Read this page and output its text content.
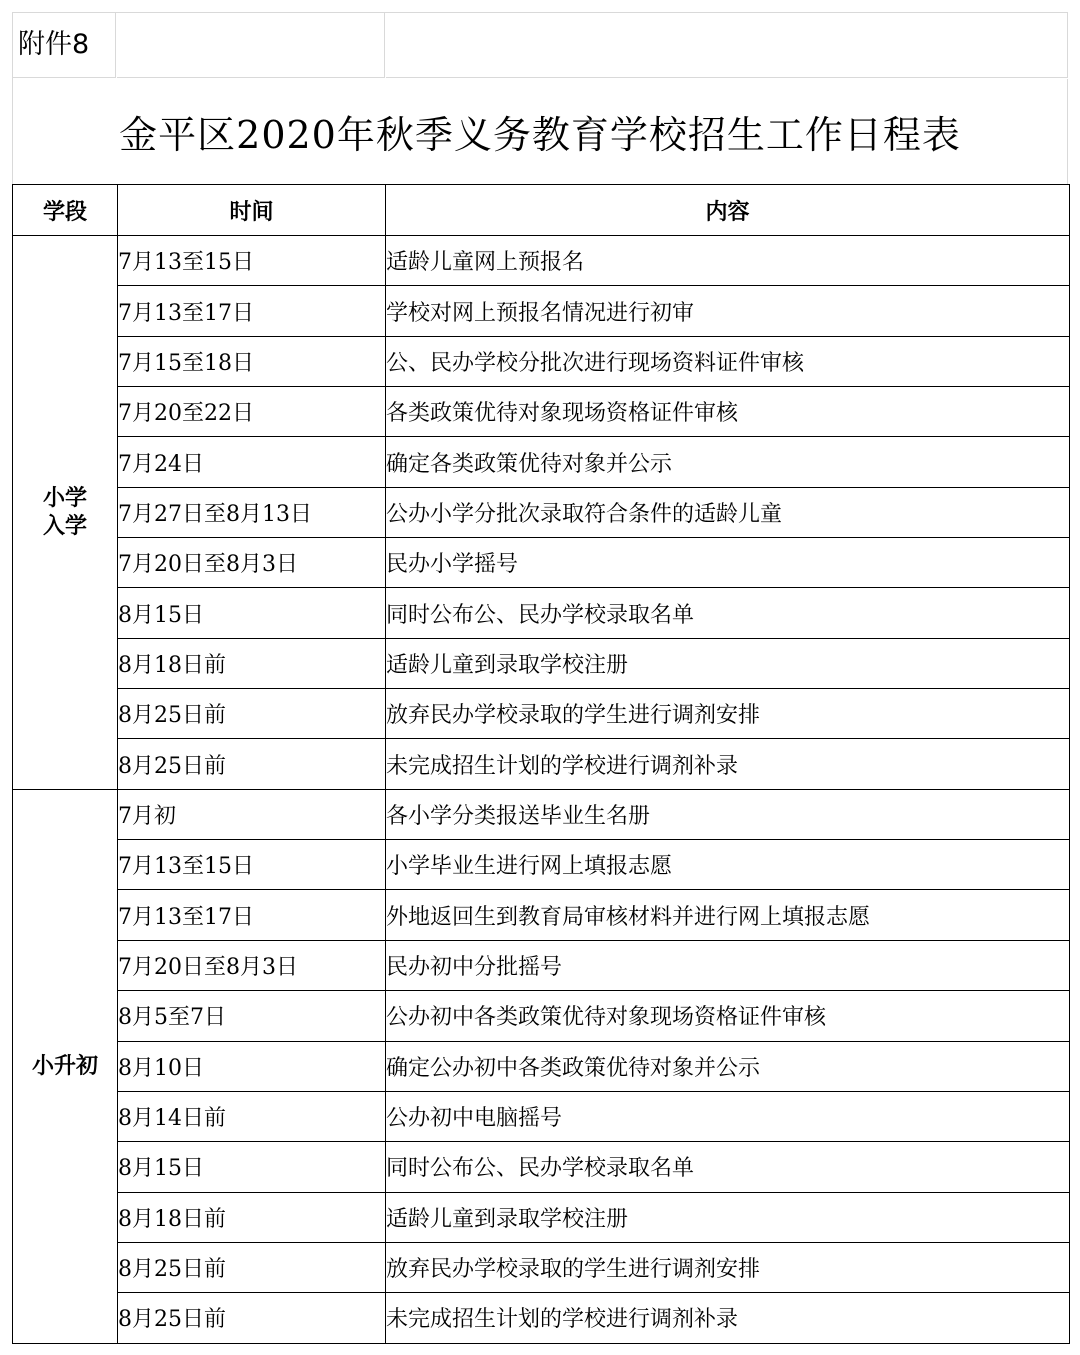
附件8
金平区2020年秋季义务教育学校招生工作日程表
学段	时间	内容

小学
入学	7月13至15日	适龄儿童网上预报名
	7月13至17日	学校对网上预报名情况进行初审
	7月15至18日	公、民办学校分批次进行现场资料证件审核
	7月20至22日	各类政策优待对象现场资格证件审核
	7月24日	确定各类政策优待对象并公示
	7月27日至8月13日	公办小学分批次录取符合条件的适龄儿童
	7月20日至8月3日	民办小学摇号
	8月15日	同时公布公、民办学校录取名单
	8月18日前	适龄儿童到录取学校注册
	8月25日前	放弃民办学校录取的学生进行调剂安排
	8月25日前	未完成招生计划的学校进行调剂补录

小升初	7月初	各小学分类报送毕业生名册
	7月13至15日	小学毕业生进行网上填报志愿
	7月13至17日	外地返回生到教育局审核材料并进行网上填报志愿
	7月20日至8月3日	民办初中分批摇号
	8月5至7日	公办初中各类政策优待对象现场资格证件审核
	8月10日	确定公办初中各类政策优待对象并公示
	8月14日前	公办初中电脑摇号
	8月15日	同时公布公、民办学校录取名单
	8月18日前	适龄儿童到录取学校注册
	8月25日前	放弃民办学校录取的学生进行调剂安排
	8月25日前	未完成招生计划的学校进行调剂补录
